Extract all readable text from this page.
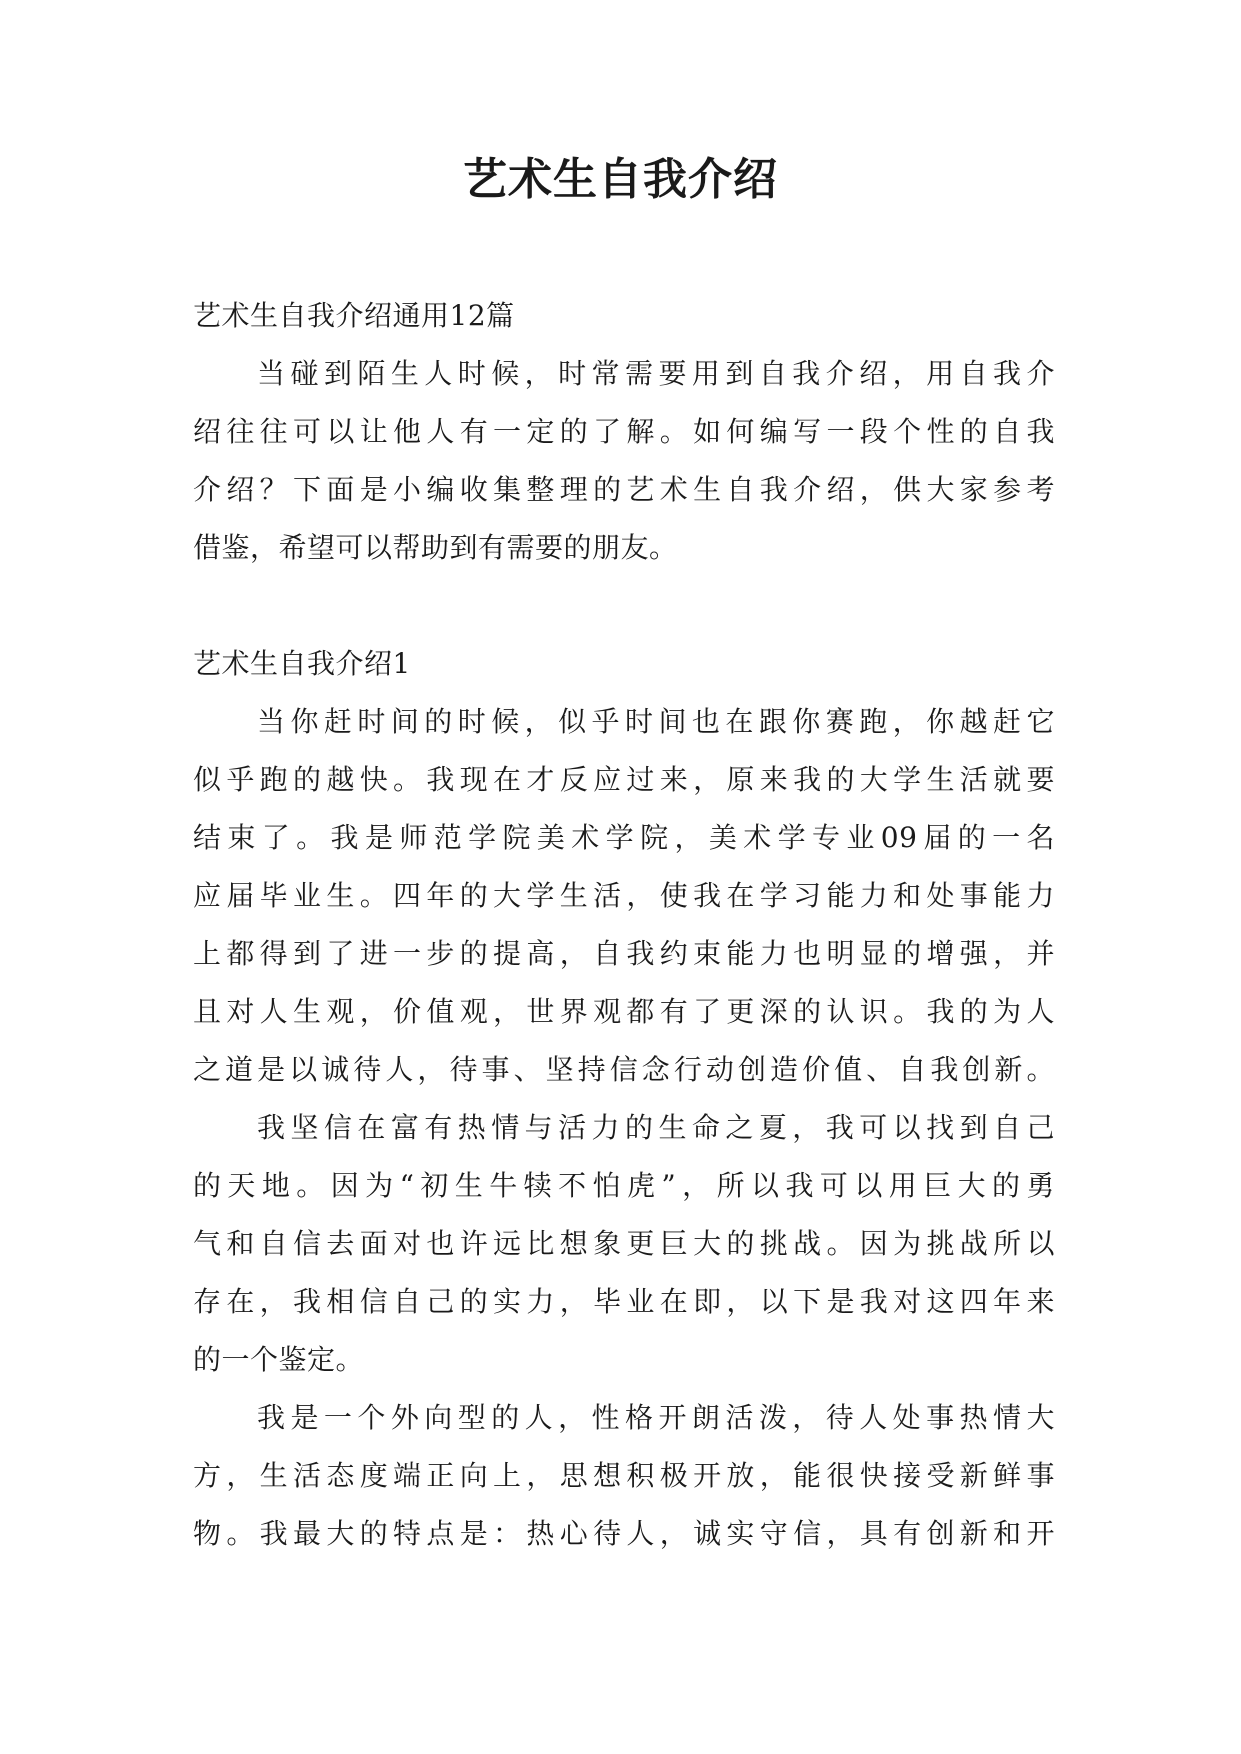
艺术生自我介绍
艺术生自我介绍通用12篇
当碰到陌生人时候，时常需要用到自我介绍，用自我介
绍往往可以让他人有一定的了解。如何编写一段个性的自我
介绍？下面是小编收集整理的艺术生自我介绍，供大家参考
借鉴，希望可以帮助到有需要的朋友。
艺术生自我介绍1
当你赶时间的时候，似乎时间也在跟你赛跑，你越赶它
似乎跑的越快。我现在才反应过来，原来我的大学生活就要
结束了。我是师范学院美术学院，美术学专业09届的一名
应届毕业生。四年的大学生活，使我在学习能力和处事能力
上都得到了进一步的提高，自我约束能力也明显的增强，并
且对人生观，价值观，世界观都有了更深的认识。我的为人
之道是以诚待人，待事、坚持信念行动创造价值、自我创新。
我坚信在富有热情与活力的生命之夏，我可以找到自己
的天地。因为“初生牛犊不怕虎”，所以我可以用巨大的勇
气和自信去面对也许远比想象更巨大的挑战。因为挑战所以
存在，我相信自己的实力，毕业在即，以下是我对这四年来
的一个鉴定。
我是一个外向型的人，性格开朗活泼，待人处事热情大
方，生活态度端正向上，思想积极开放，能很快接受新鲜事
物。我最大的特点是：热心待人，诚实守信，具有创新和开
